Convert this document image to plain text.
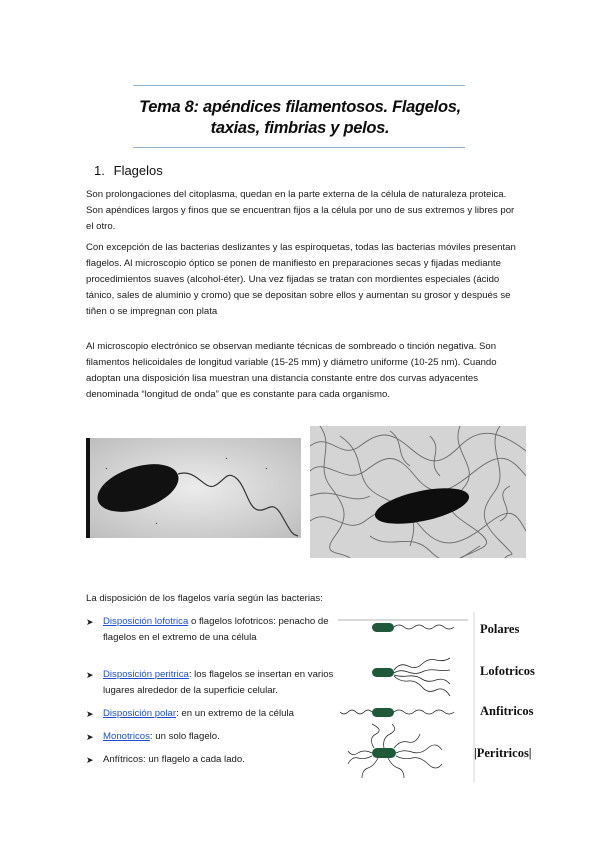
Tema 8: apéndices filamentosos. Flagelos,
taxias, fimbrias y pelos.
1. Flagelos

Son prolongaciones del citoplasma, quedan en la parte externa de la célula de naturaleza proteica. Son apéndices largos y finos que se encuentran fijos a la célula por uno de sus extremos y libres por el otro.

Con excepción de las bacterias deslizantes y las espiroquetas, todas las bacterias móviles presentan flagelos. Al microscopio óptico se ponen de manifiesto en preparaciones secas y fijadas mediante procedimientos suaves (alcohol-éter). Una vez fijadas se tratan con mordientes especiales (ácido tánico, sales de aluminio y cromo) que se depositan sobre ellos y aumentan su grosor y después se tiñen o se impregnan con plata

Al microscopio electrónico se observan mediante técnicas de sombreado o tinción negativa. Son filamentos helicoidales de longitud variable (15-25 mm) y diámetro uniforme (10-25 nm). Cuando adoptan una disposición lisa muestran una distancia constante entre dos curvas adyacentes denominada “longitud de onda” que es constante para cada organismo.

La disposición de los flagelos varía según las bacterias:
➤ Disposición lofotrica o flagelos lofotricos: penacho de flagelos en el extremo de una célula
➤ Disposición peritrica: los flagelos se insertan en varios lugares alrededor de la superficie celular.
➤ Disposición polar: en un extremo de la célula
➤ Monotricos: un solo flagelo.
➤ Anfítricos: un flagelo a cada lado.
Polares
Lofotricos
Anfitricos
|Peritricos|
